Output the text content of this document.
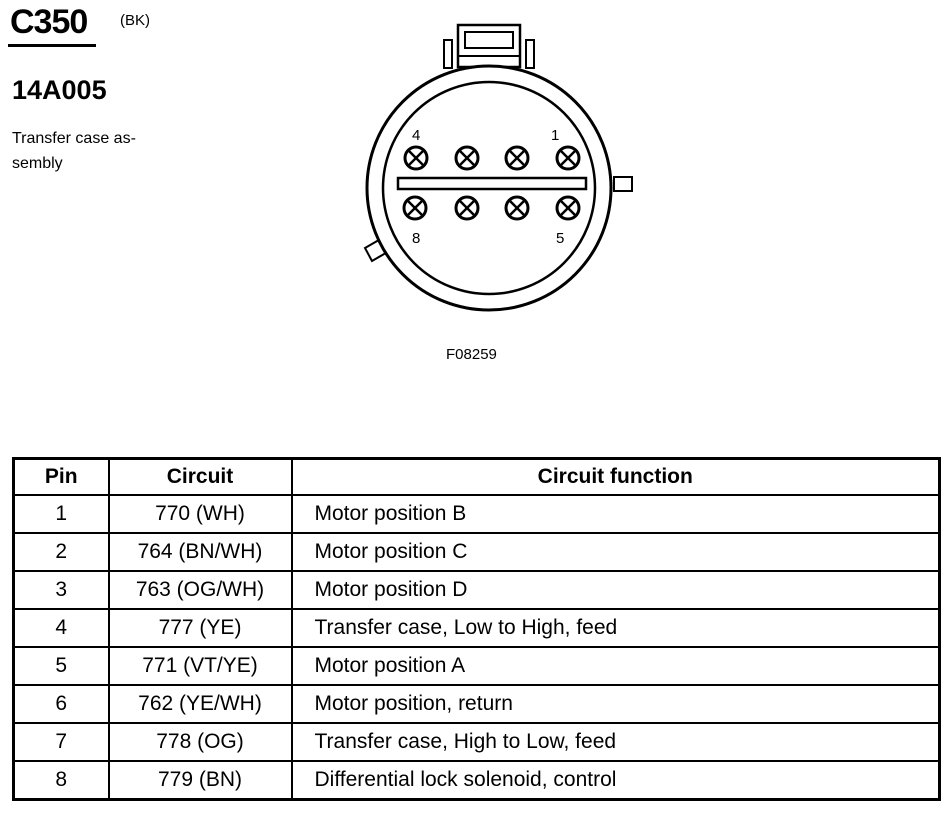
C350 (BK)
14A005
Transfer case as-
sembly
4	1
8	5
F08259
Pin	Circuit	Circuit function
1	770 (WH)	Motor position B
2	764 (BN/WH)	Motor position C
3	763 (OG/WH)	Motor position D
4	777 (YE)	Transfer case, Low to High, feed
5	771 (VT/YE)	Motor position A
6	762 (YE/WH)	Motor position, return
7	778 (OG)	Transfer case, High to Low, feed
8	779 (BN)	Differential lock solenoid, control
